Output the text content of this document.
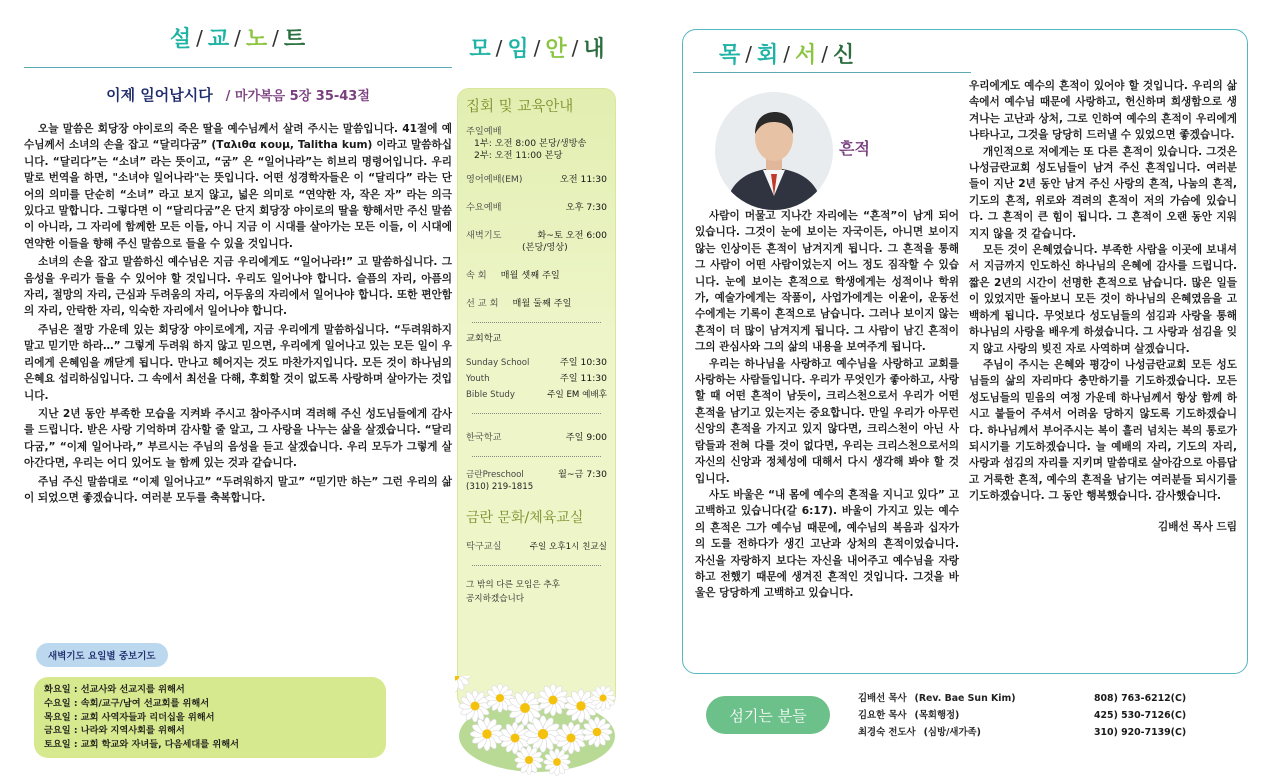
설 / 교 / 노 / 트
이제 일어납시다 / 마가복음 5장 35-43절

오늘 말씀은 회당장 야이로의 죽은 딸을 예수님께서 살려 주시는 말씀입니다. 41절에 예수님께서 소녀의 손을 잡고 “달리다굼” (Ταλιθα κουμ, Talitha kum) 이라고 말씀하십니다. “달리다”는 “소녀” 라는 뜻이고, “굼” 은 “일어나라”는 히브리 명령어입니다. 우리말로 번역을 하면, "소녀야 일어나라"는 뜻입니다. 어떤 성경학자들은 이 “달리다” 라는 단어의 의미를 단순히 “소녀” 라고 보지 않고, 넓은 의미로 “연약한 자, 작은 자” 라는 의극 있다고 말합니다. 그렇다면 이 “달리다굼”은 단지 회당장 야이로의 딸을 향해서만 주신 말씀이 아니라, 그 자리에 함께한 모든 이들, 아니 지금 이 시대를 살아가는 모든 이들, 이 시대에 연약한 이들을 향해 주신 말씀으로 들을 수 있을 것입니다.

소녀의 손을 잡고 말씀하신 예수님은 지금 우리에게도 “일어나라!” 고 말씀하십니다. 그 음성을 우리가 들을 수 있어야 할 것입니다. 우리도 일어나야 합니다. 슬픔의 자리, 아픔의 자리, 절망의 자리, 근심과 두려움의 자리, 어두움의 자리에서 일어나야 합니다. 또한 편안함의 자리, 안락한 자리, 익숙한 자리에서 일어나야 합니다.

주님은 절망 가운데 있는 회당장 야이로에게, 지금 우리에게 말씀하십니다. “두려워하지 말고 믿기만 하라…” 그렇게 두려워 하지 않고 믿으면, 우리에게 일어나고 있는 모든 일이 우리에게 은혜임을 깨닫게 됩니다. 만나고 헤어지는 것도 마찬가지입니다. 모든 것이 하나님의 은혜요 섭리하심입니다. 그 속에서 최선을 다해, 후회할 것이 없도록 사랑하며 살아가는 것입니다.

지난 2년 동안 부족한 모습을 지켜봐 주시고 참아주시며 격려해 주신 성도님들에게 감사를 드립니다. 받은 사랑 기억하며 감사할 줄 알고, 그 사랑을 나누는 삶을 살겠습니다. “달리다굼,” “이제 일어나라,” 부르시는 주님의 음성을 듣고 살겠습니다. 우리 모두가 그렇게 살아간다면, 우리는 어디 있어도 늘 함께 있는 것과 같습니다.

주님 주신 말씀대로 “이제 일어나고” “두려워하지 말고” “믿기만 하는” 그런 우리의 삶이 되었으면 좋겠습니다. 여러분 모두를 축복합니다.

새벽기도 요일별 중보기도
화요일 : 선교사와 선교지를 위해서
수요일 : 속회/교구/남여 선교회를 위해서
목요일 : 교회 사역자들과 리더십을 위해서
금요일 : 나라와 지역사회를 위해서
토요일 : 교회 학교와 자녀들, 다음세대를 위해서
모 / 임 / 안 / 내
집회 및 교육안내
주일예배
1부: 오전 8:00 본당/생방송
2부: 오전 11:00 본당
영어예배(EM)	오전 11:30
수요예배	오후 7:30
새벽기도	화~토 오전 6:00
(본당/영상)
속 회 매월 셋째 주일
선 교 회 매월 둘째 주일
교회학교
Sunday School	주일 10:30
Youth	주일 11:30
Bible Study	주일 EM 예배후
한국학교	주일 9:00
금란Preschool	월~금 7:30
(310) 219-1815
금란 문화/체육교실
탁구교실	주일 오후1시 친교실
그 밖의 다른 모임은 추후
공지하겠습니다
목 / 회 / 서 / 신
흔적

사람이 머물고 지나간 자리에는 “흔적”이 남게 되어 있습니다. 그것이 눈에 보이는 자국이든, 아니면 보이지 않는 인상이든 흔적이 남겨지게 됩니다. 그 흔적을 통해 그 사람이 어떤 사람이었는지 어느 정도 짐작할 수 있습니다. 눈에 보이는 흔적으로 학생에게는 성적이나 학위가, 예술가에게는 작품이, 사업가에게는 이윤이, 운동선수에게는 기록이 흔적으로 남습니다. 그러나 보이지 않는 흔적이 더 많이 남겨지게 됩니다. 그 사람이 남긴 흔적이 그의 관심사와 그의 삶의 내용을 보여주게 됩니다.

우리는 하나님을 사랑하고 예수님을 사랑하고 교회를 사랑하는 사람들입니다. 우리가 무엇인가 좋아하고, 사랑할 때 어떤 흔적이 남듯이, 크리스천으로서 우리가 어떤 흔적을 남기고 있는지는 중요합니다. 만일 우리가 아무런 신앙의 흔적을 가지고 있지 않다면, 크리스천이 아닌 사람들과 전혀 다를 것이 없다면, 우리는 크리스천으로서의 자신의 신앙과 정체성에 대해서 다시 생각해 봐야 할 것입니다.

사도 바울은 “내 몸에 예수의 흔적을 지니고 있다” 고 고백하고 있습니다(갈 6:17). 바울이 가지고 있는 예수의 흔적은 그가 예수님 때문에, 예수님의 복음과 십자가의 도를 전하다가 생긴 고난과 상처의 흔적이었습니다. 자신을 자랑하지 보다는 자신을 내어주고 예수님을 자랑하고 전했기 때문에 생겨진 흔적인 것입니다. 그것을 바울은 당당하게 고백하고 있습니다.

우리에게도 예수의 흔적이 있어야 할 것입니다. 우리의 삶 속에서 예수님 때문에 사랑하고, 헌신하며 희생함으로 생겨나는 고난과 상처, 그로 인하여 예수의 흔적이 우리에게 나타나고, 그것을 당당히 드러낼 수 있었으면 좋겠습니다.

개인적으로 저에게는 또 다른 흔적이 있습니다. 그것은 나성금란교회 성도님들이 남겨 주신 흔적입니다. 여러분들이 지난 2년 동안 남겨 주신 사랑의 흔적, 나눔의 흔적, 기도의 흔적, 위로와 격려의 흔적이 저의 가슴에 있습니다. 그 흔적이 큰 힘이 됩니다. 그 흔적이 오랜 동안 지워지지 않을 것 같습니다.

모든 것이 은혜였습니다. 부족한 사람을 이곳에 보내셔서 지금까지 인도하신 하나님의 은혜에 감사를 드립니다. 짧은 2년의 시간이 선명한 흔적으로 남습니다. 많은 일들이 있었지만 돌아보니 모든 것이 하나님의 은혜였음을 고백하게 됩니다. 무엇보다 성도님들의 섬김과 사랑을 통해 하나님의 사랑을 배우게 하셨습니다. 그 사랑과 섬김을 잊지 않고 사랑의 빚진 자로 사역하며 살겠습니다.

주님이 주시는 은혜와 평강이 나성금란교회 모든 성도님들의 삶의 자리마다 충만하기를 기도하겠습니다. 모든 성도님들의 믿음의 여정 가운데 하나님께서 항상 함께 하시고 붙들어 주셔서 어려움 당하지 않도록 기도하겠습니다. 하나님께서 부어주시는 복이 흘러 넘치는 복의 통로가 되시기를 기도하겠습니다. 늘 예배의 자리, 기도의 자리, 사랑과 섬김의 자리를 지키며 말씀대로 살아감으로 아름답고 거룩한 흔적, 예수의 흔적을 남기는 여러분들 되시기를 기도하겠습니다. 그 동안 행복했습니다. 감사했습니다.

김배선 목사 드림
섬기는 분들
김배선 목사 (Rev. Bae Sun Kim)	808) 763-6212(C)
김요한 목사 (목회행정)	425) 530-7126(C)
최경숙 전도사 (심방/새가족)	310) 920-7139(C)
